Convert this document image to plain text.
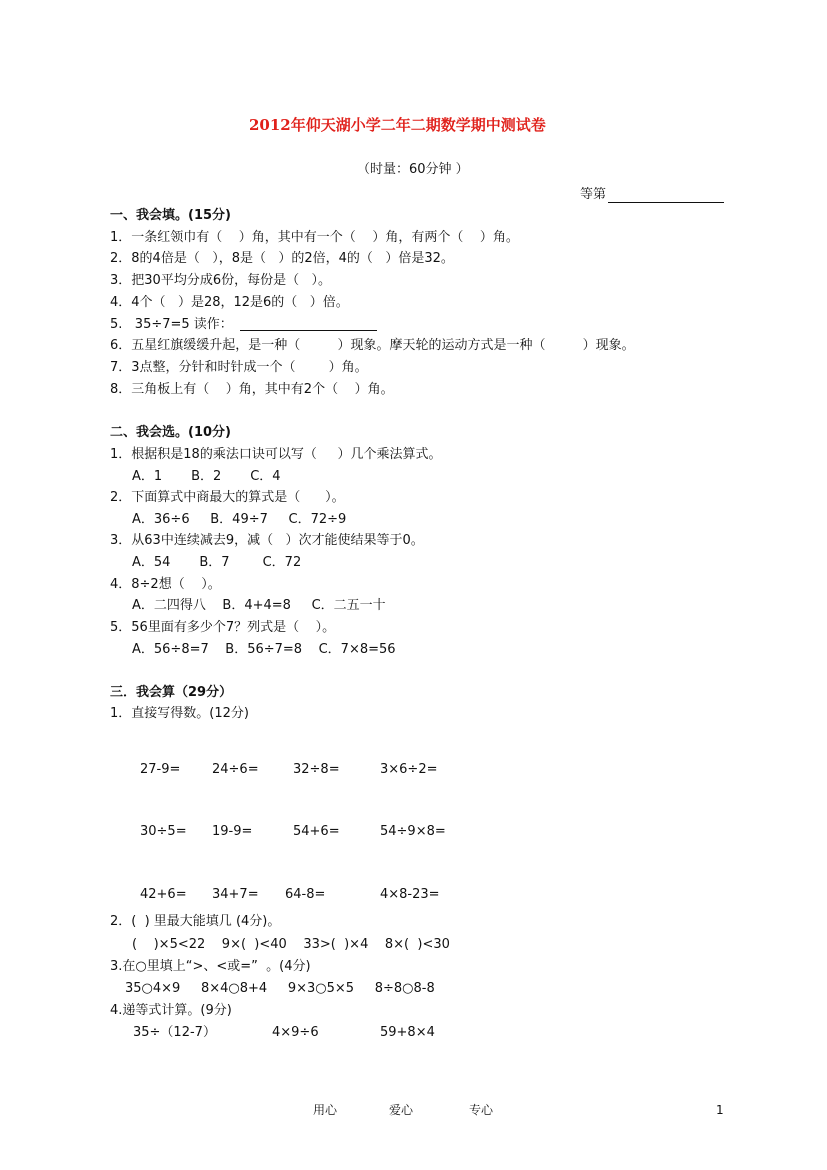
2012年仰天湖小学二年二期数学期中测试卷
（时量：60分钟 ）
等第
一、我会填。(15分)
1．一条红领巾有（    ）角，其中有一个（    ）角，有两个（    ）角。
2．8的4倍是（   ），8是（   ）的2倍，4的（   ）倍是32。
3．把30平均分成6份，每份是（   ）。
4．4个（   ）是28，12是6的（   ）倍。
5.   35÷7=5 读作：
6．五星红旗缓缓升起，是一种（         ）现象。摩天轮的运动方式是一种（         ）现象。
7．3点整，分针和时针成一个（        ）角。
8．三角板上有（    ）角，其中有2个（    ）角。
二、我会选。(10分)
1．根据积是18的乘法口诀可以写（     ）几个乘法算式。
A．1       B．2       C．4
2．下面算式中商最大的算式是（      ）。
A．36÷6     B．49÷7     C．72÷9
3．从63中连续减去9，减（   ）次才能使结果等于0。
A．54       B．7        C．72
4．8÷2想（    ）。
A．二四得八    B．4+4=8     C．二五一十
5．56里面有多少个7？列式是（    ）。
A．56÷8=7    B．56÷7=8    C．7×8=56
三．我会算（29分）
1．直接写得数。(12分)
27-9= 24÷6=	32÷8=	3×6÷2=
30÷5= 19-9=	54+6=	54÷9×8=
42+6= 34+7= 64-8=	4×8-23=
2．(  ) 里最大能填几 (4分)。
(    )×5<22    9×(  )<40    33>(  )×4    8×(  )<30
3.在○里填上“>、<或=”  。(4分)
35○4×9     8×4○8+4     9×3○5×5     8÷8○8-8
4.递等式计算。(9分)
35÷（12-7）	4×9÷6	59+8×4
用心	爱心	专心	1
